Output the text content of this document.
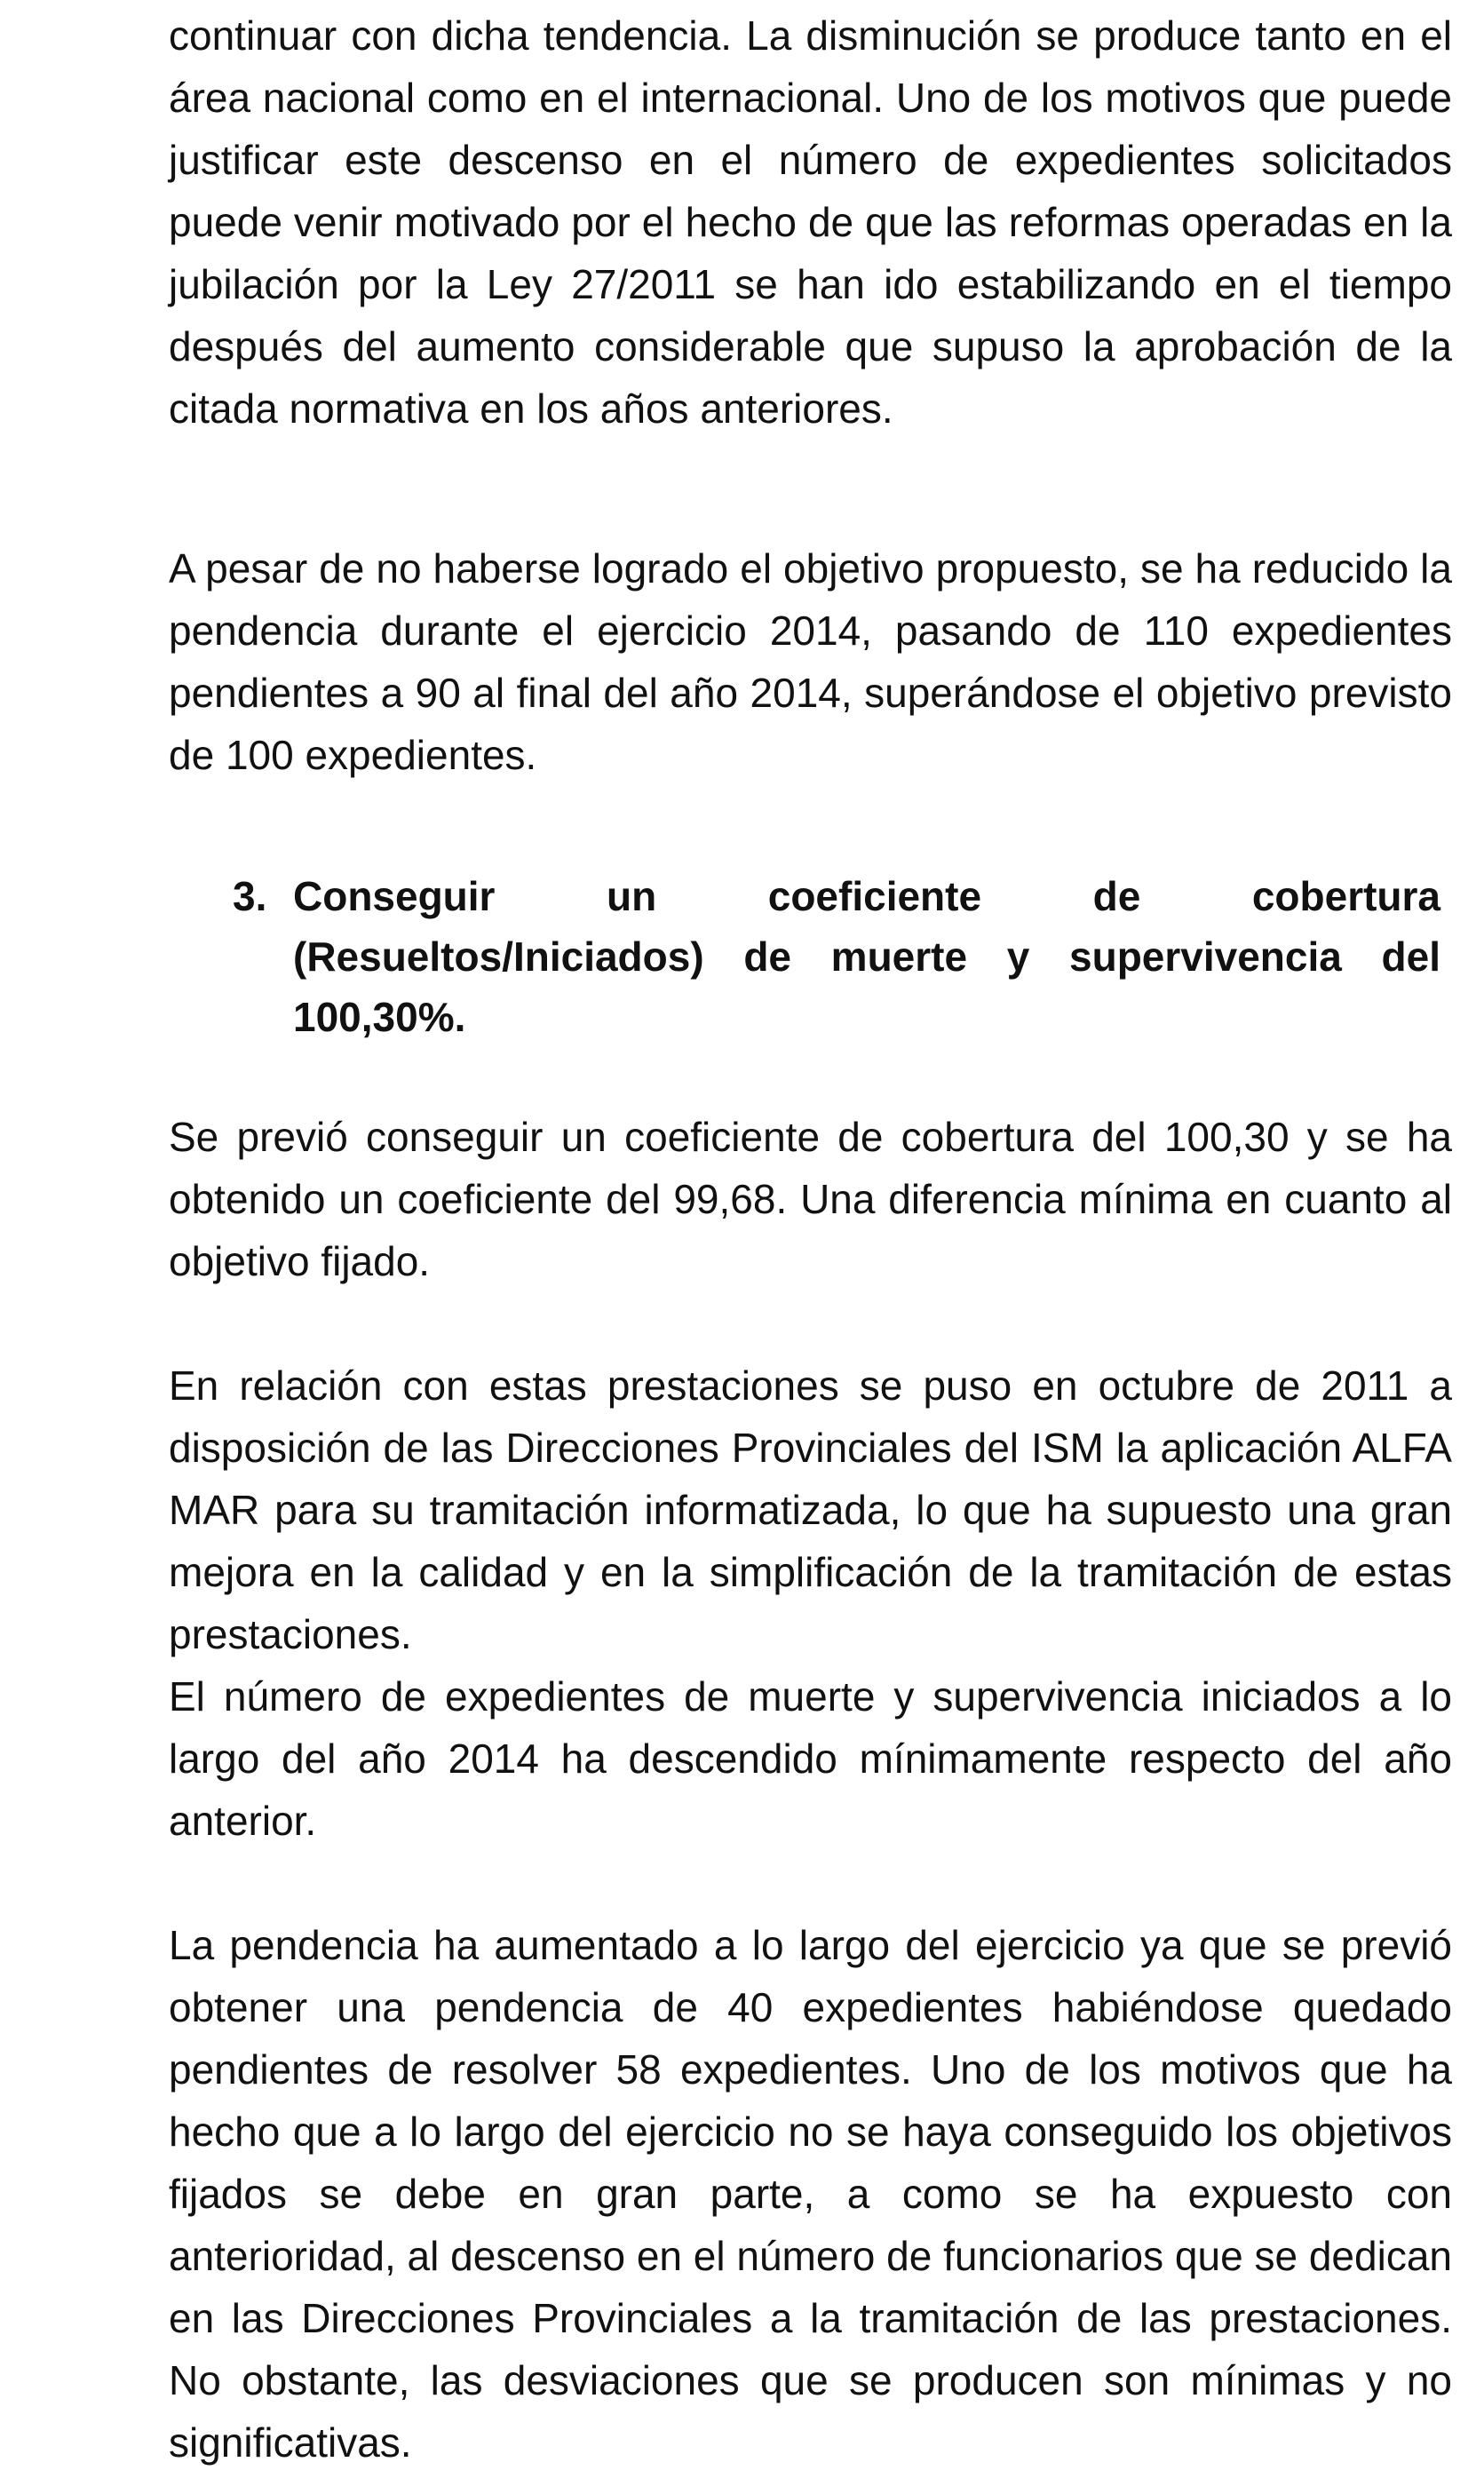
continuar con dicha tendencia. La disminución se produce tanto en el área nacional como en el internacional. Uno de los motivos que puede justificar este descenso en el número de expedientes solicitados puede venir motivado por el hecho de que las reformas operadas en la jubilación por la Ley 27/2011 se han ido estabilizando en el tiempo después del aumento considerable que supuso la aprobación de la citada normativa en los años anteriores.

A pesar de no haberse logrado el objetivo propuesto, se ha reducido la pendencia durante el ejercicio 2014, pasando de 110 expedientes pendientes a 90 al final del año 2014, superándose el objetivo previsto de 100 expedientes.

3. Conseguir un coeficiente de cobertura (Resueltos/Iniciados) de muerte y supervivencia del 100,30%.

Se previó conseguir un coeficiente de cobertura del 100,30 y se ha obtenido un coeficiente del 99,68. Una diferencia mínima en cuanto al objetivo fijado.

En relación con estas prestaciones se puso en octubre de 2011 a disposición de las Direcciones Provinciales del ISM la aplicación ALFA MAR para su tramitación informatizada, lo que ha supuesto una gran mejora en la calidad y en la simplificación de la tramitación de estas prestaciones.

El número de expedientes de muerte y supervivencia iniciados a lo largo del año 2014 ha descendido mínimamente respecto del año anterior.

La pendencia ha aumentado a lo largo del ejercicio ya que se previó obtener una pendencia de 40 expedientes habiéndose quedado pendientes de resolver 58 expedientes. Uno de los motivos que ha hecho que a lo largo del ejercicio no se haya conseguido los objetivos fijados se debe en gran parte, a como se ha expuesto con anterioridad, al descenso en el número de funcionarios que se dedican en las Direcciones Provinciales a la tramitación de las prestaciones. No obstante, las desviaciones que se producen son mínimas y no significativas.
